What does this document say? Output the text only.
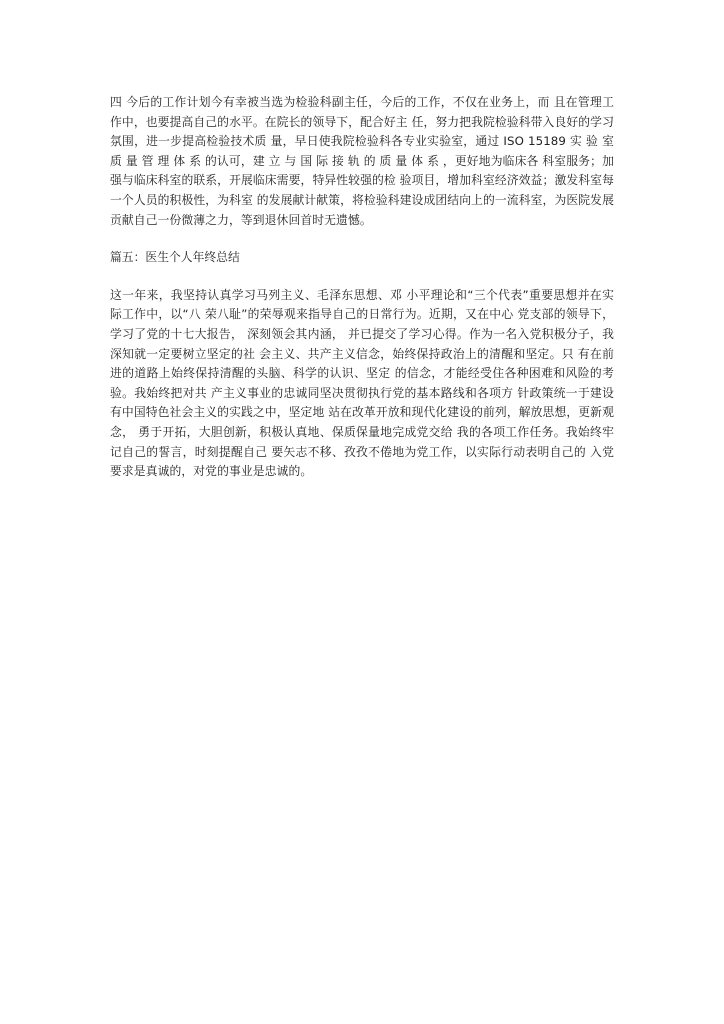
四 今后的工作计划今有幸被当选为检验科副主任，今后的工作，不仅在业务上，而 且在管理工作中，也要提高自己的水平。在院长的领导下，配合好主 任，努力把我院检验科带入良好的学习氛围，进一步提高检验技术质 量，早日使我院检验科各专业实验室，通过 ISO 15189 实 验 室 质 量 管 理 体 系 的认可，建 立 与 国 际 接 轨 的 质 量 体 系 ，更好地为临床各 科室服务；加强与临床科室的联系，开展临床需要，特异性较强的检 验项目，增加科室经济效益；激发科室每一个人员的积极性，为科室 的发展献计献策，将检验科建设成团结向上的一流科室，为医院发展 贡献自己一份微薄之力，等到退休回首时无遗憾。

篇五：医生个人年终总结

这一年来，我坚持认真学习马列主义、毛泽东思想、邓 小平理论和“三个代表”重要思想并在实际工作中，以“八 荣八耻”的荣辱观来指导自己的日常行为。近期，又在中心 党支部的领导下， 学习了党的十七大报告， 深刻领会其内涵， 并已提交了学习心得。作为一名入党积极分子，我深知就一定要树立坚定的社 会主义、共产主义信念，始终保持政治上的清醒和坚定。只 有在前进的道路上始终保持清醒的头脑、科学的认识、坚定 的信念，才能经受住各种困难和风险的考验。我始终把对共 产主义事业的忠诚同坚决贯彻执行党的基本路线和各项方 针政策统一于建设有中国特色社会主义的实践之中，坚定地 站在改革开放和现代化建设的前列，解放思想，更新观念， 勇于开拓，大胆创新，积极认真地、保质保量地完成党交给 我的各项工作任务。我始终牢记自己的誓言，时刻提醒自己 要矢志不移、孜孜不倦地为党工作，以实际行动表明自己的 入党要求是真诚的，对党的事业是忠诚的。
